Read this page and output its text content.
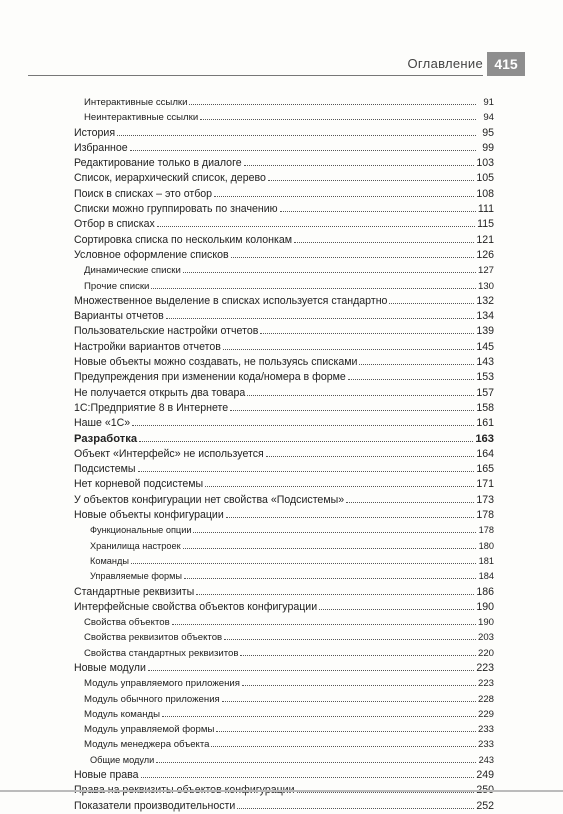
Оглавление 415
Интерактивные ссылки	91
Неинтерактивные ссылки	94
История	95
Избранное	99
Редактирование только в диалоге	103
Список, иерархический список, дерево	105
Поиск в списках – это отбор	108
Списки можно группировать по значению	111
Отбор в списках	115
Сортировка списка по нескольким колонкам	121
Условное оформление списков	126
Динамические списки	127
Прочие списки	130
Множественное выделение в списках используется стандартно	132
Варианты отчетов	134
Пользовательские настройки отчетов	139
Настройки вариантов отчетов	145
Новые объекты можно создавать, не пользуясь списками	143
Предупреждения при изменении кода/номера в форме	153
Не получается открыть два товара	157
1С:Предприятие 8 в Интернете	158
Наше «1С»	161
Разработка	163
Объект «Интерфейс» не используется	164
Подсистемы	165
Нет корневой подсистемы	171
У объектов конфигурации нет свойства «Подсистемы»	173
Новые объекты конфигурации	178
Функциональные опции	178
Хранилища настроек	180
Команды	181
Управляемые формы	184
Стандартные реквизиты	186
Интерфейсные свойства объектов конфигурации	190
Свойства объектов	190
Свойства реквизитов объектов	203
Свойства стандартных реквизитов	220
Новые модули	223
Модуль управляемого приложения	223
Модуль обычного приложения	228
Модуль команды	229
Модуль управляемой формы	233
Модуль менеджера объекта	233
Общие модули	243
Новые права	249
Права на реквизиты объектов конфигурации	250
Показатели производительности	252
